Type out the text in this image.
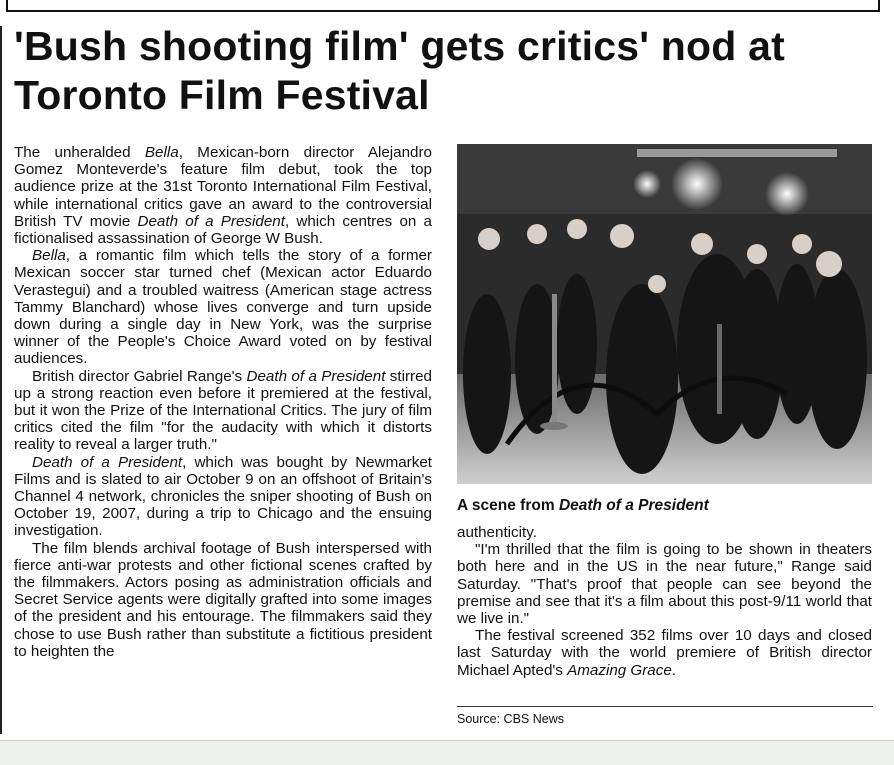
'Bush shooting film' gets critics' nod at Toronto Film Festival

The unheralded Bella, Mexican-born director Alejandro Gomez Monteverde's feature film debut, took the top audience prize at the 31st Toronto International Film Festival, while international critics gave an award to the controversial British TV movie Death of a President, which centres on a fictionalised assassination of George W Bush.

Bella, a romantic film which tells the story of a former Mexican soccer star turned chef (Mexican actor Eduardo Verastegui) and a troubled waitress (American stage actress Tammy Blanchard) whose lives converge and turn upside down during a single day in New York, was the surprise winner of the People's Choice Award voted on by festival audiences.

British director Gabriel Range's Death of a President stirred up a strong reaction even before it premiered at the festival, but it won the Prize of the International Critics. The jury of film critics cited the film "for the audacity with which it distorts reality to reveal a larger truth."

Death of a President, which was bought by Newmarket Films and is slated to air October 9 on an offshoot of Britain's Channel 4 network, chronicles the sniper shooting of Bush on October 19, 2007, during a trip to Chicago and the ensuing investigation.

The film blends archival footage of Bush interspersed with fierce anti-war protests and other fictional scenes crafted by the filmmakers. Actors posing as administration officials and Secret Service agents were digitally grafted into some images of the president and his entourage. The filmmakers said they chose to use Bush rather than substitute a fictitious president to heighten the

A scene from Death of a President

authenticity.

"I'm thrilled that the film is going to be shown in theaters both here and in the US in the near future," Range said Saturday. "That's proof that people can see beyond the premise and see that it's a film about this post-9/11 world that we live in."

The festival screened 352 films over 10 days and closed last Saturday with the world premiere of British director Michael Apted's Amazing Grace.

Source: CBS News
